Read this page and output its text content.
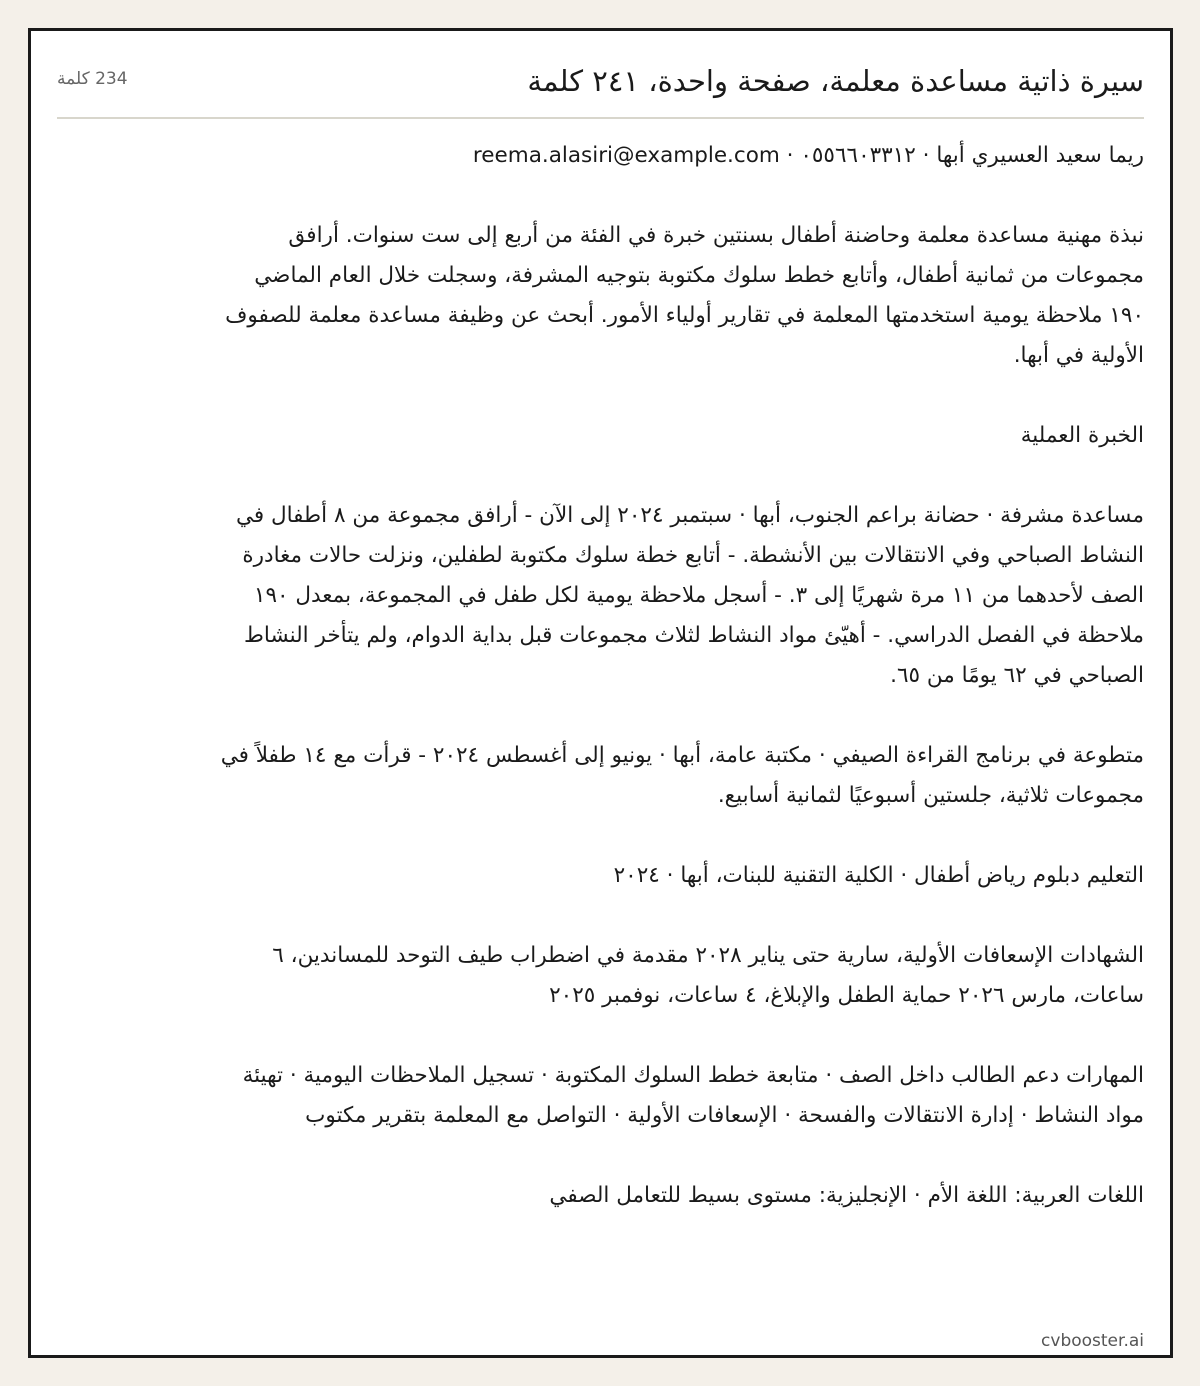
سيرة ذاتية مساعدة معلمة، صفحة واحدة، ٢٤١ كلمة
234 كلمة

ريما سعيد العسيري أبها · ٠٥٥٦٦٠٣٣١٢ · reema.alasiri@example.com

نبذة مهنية مساعدة معلمة وحاضنة أطفال بسنتين خبرة في الفئة من أربع إلى ست سنوات. أرافق مجموعات من ثمانية أطفال، وأتابع خطط سلوك مكتوبة بتوجيه المشرفة، وسجلت خلال العام الماضي ١٩٠ ملاحظة يومية استخدمتها المعلمة في تقارير أولياء الأمور. أبحث عن وظيفة مساعدة معلمة للصفوف الأولية في أبها.

الخبرة العملية

مساعدة مشرفة · حضانة براعم الجنوب، أبها · سبتمبر ٢٠٢٤ إلى الآن - أرافق مجموعة من ٨ أطفال في النشاط الصباحي وفي الانتقالات بين الأنشطة. - أتابع خطة سلوك مكتوبة لطفلين، ونزلت حالات مغادرة الصف لأحدهما من ١١ مرة شهريًا إلى ٣. - أسجل ملاحظة يومية لكل طفل في المجموعة، بمعدل ١٩٠ ملاحظة في الفصل الدراسي. - أهيّئ مواد النشاط لثلاث مجموعات قبل بداية الدوام، ولم يتأخر النشاط الصباحي في ٦٢ يومًا من ٦٥.

متطوعة في برنامج القراءة الصيفي · مكتبة عامة، أبها · يونيو إلى أغسطس ٢٠٢٤ - قرأت مع ١٤ طفلاً في مجموعات ثلاثية، جلستين أسبوعيًا لثمانية أسابيع.

التعليم دبلوم رياض أطفال · الكلية التقنية للبنات، أبها · ٢٠٢٤

الشهادات الإسعافات الأولية، سارية حتى يناير ٢٠٢٨ مقدمة في اضطراب طيف التوحد للمساندين، ٦ ساعات، مارس ٢٠٢٦ حماية الطفل والإبلاغ، ٤ ساعات، نوفمبر ٢٠٢٥

المهارات دعم الطالب داخل الصف · متابعة خطط السلوك المكتوبة · تسجيل الملاحظات اليومية · تهيئة مواد النشاط · إدارة الانتقالات والفسحة · الإسعافات الأولية · التواصل مع المعلمة بتقرير مكتوب

اللغات العربية: اللغة الأم · الإنجليزية: مستوى بسيط للتعامل الصفي

cvbooster.ai
